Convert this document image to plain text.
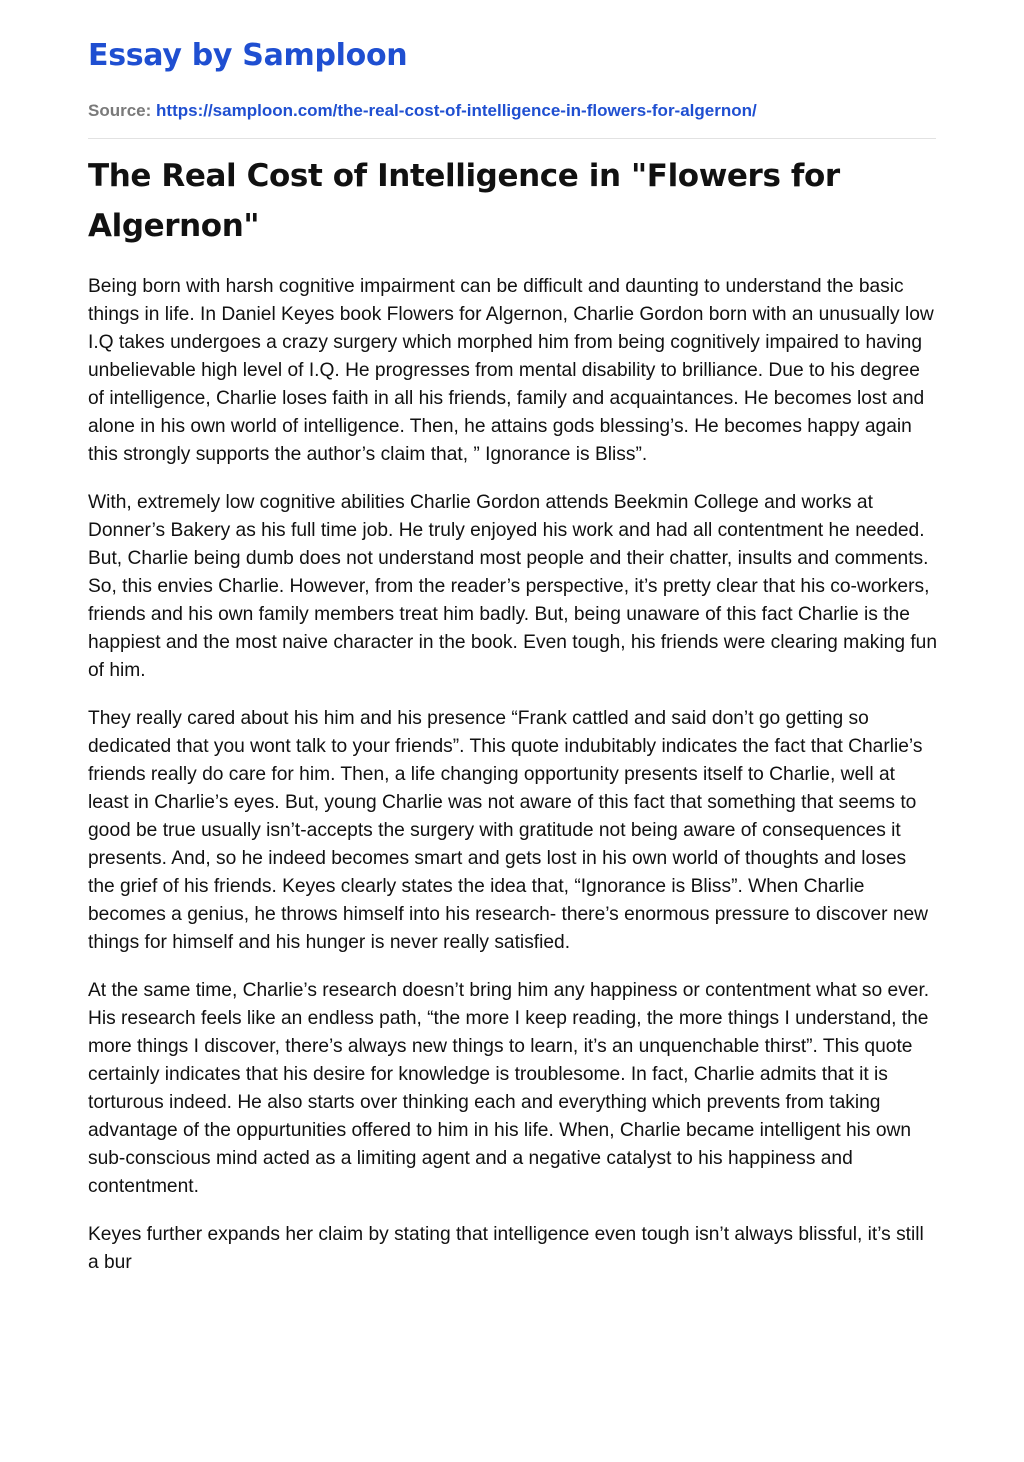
Essay by Samploon
Source: https://samploon.com/the-real-cost-of-intelligence-in-flowers-for-algernon/
The Real Cost of Intelligence in "Flowers for Algernon"

Being born with harsh cognitive impairment can be difficult and daunting to understand the basic things in life. In Daniel Keyes book Flowers for Algernon, Charlie Gordon born with an unusually low I.Q takes undergoes a crazy surgery which morphed him from being cognitively impaired to having unbelievable high level of I.Q. He progresses from mental disability to brilliance. Due to his degree of intelligence, Charlie loses faith in all his friends, family and acquaintances. He becomes lost and alone in his own world of intelligence. Then, he attains gods blessing’s. He becomes happy again this strongly supports the author’s claim that, ” Ignorance is Bliss”.

With, extremely low cognitive abilities Charlie Gordon attends Beekmin College and works at Donner’s Bakery as his full time job. He truly enjoyed his work and had all contentment he needed. But, Charlie being dumb does not understand most people and their chatter, insults and comments. So, this envies Charlie. However, from the reader’s perspective, it’s pretty clear that his co-workers, friends and his own family members treat him badly. But, being unaware of this fact Charlie is the happiest and the most naive character in the book. Even tough, his friends were clearing making fun of him.

They really cared about his him and his presence “Frank cattled and said don’t go getting so dedicated that you wont talk to your friends”. This quote indubitably indicates the fact that Charlie’s friends really do care for him. Then, a life changing opportunity presents itself to Charlie, well at least in Charlie’s eyes. But, young Charlie was not aware of this fact that something that seems to good be true usually isn’t-accepts the surgery with gratitude not being aware of consequences it presents. And, so he indeed becomes smart and gets lost in his own world of thoughts and loses the grief of his friends. Keyes clearly states the idea that, “Ignorance is Bliss”. When Charlie becomes a genius, he throws himself into his research- there’s enormous pressure to discover new things for himself and his hunger is never really satisfied.

At the same time, Charlie’s research doesn’t bring him any happiness or contentment what so ever. His research feels like an endless path, “the more I keep reading, the more things I understand, the more things I discover, there’s always new things to learn, it’s an unquenchable thirst”. This quote certainly indicates that his desire for knowledge is troublesome. In fact, Charlie admits that it is torturous indeed. He also starts over thinking each and everything which prevents from taking advantage of the oppurtunities offered to him in his life. When, Charlie became intelligent his own sub-conscious mind acted as a limiting agent and a negative catalyst to his happiness and contentment.

Keyes further expands her claim by stating that intelligence even tough isn’t always blissful, it’s still a bur
